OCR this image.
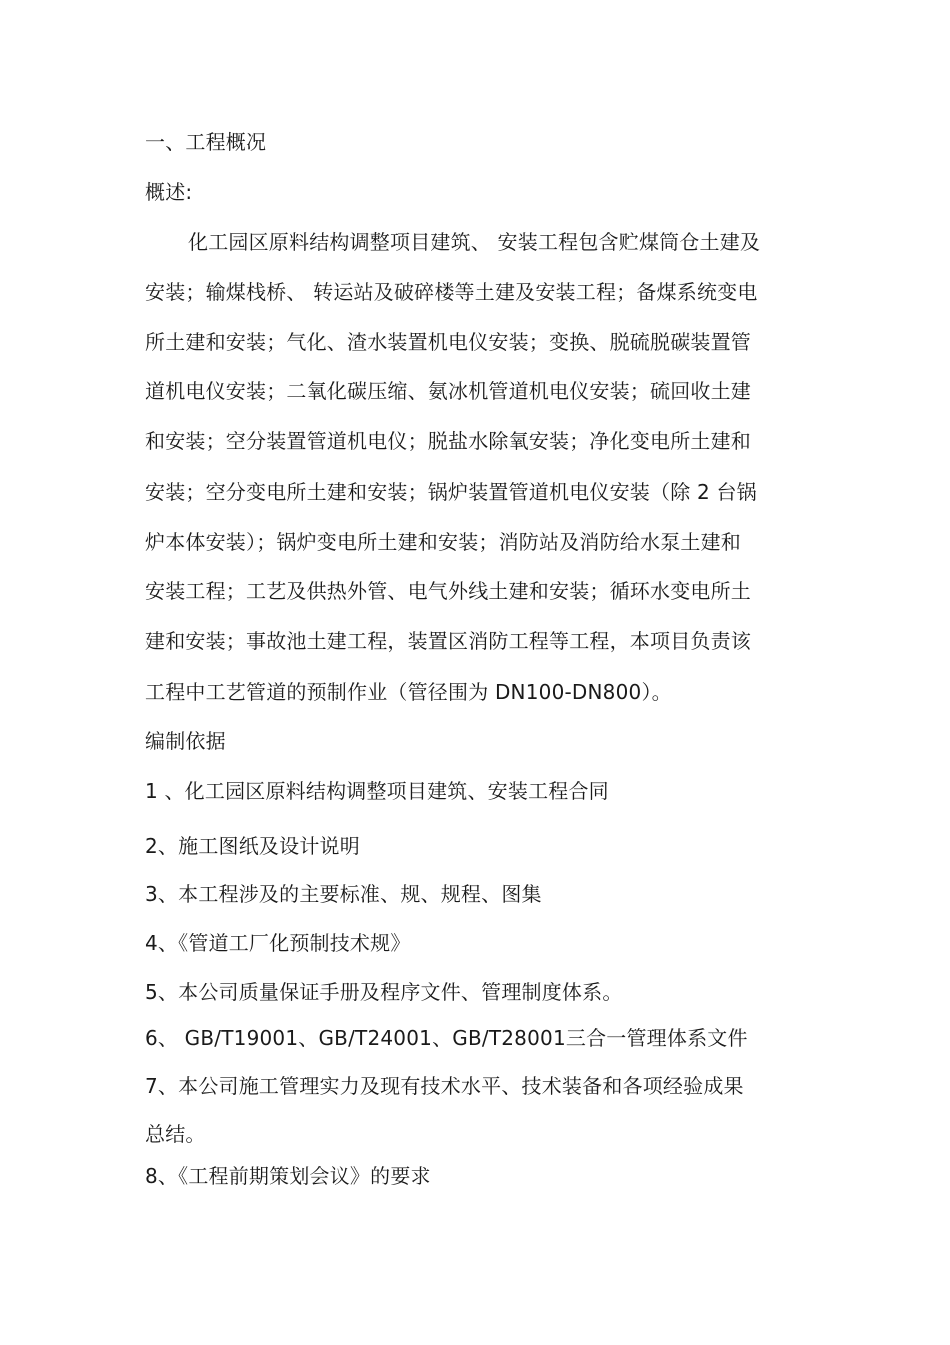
一、工程概况
概述:
化工园区原料结构调整项目建筑、 安装工程包含贮煤筒仓土建及
安装；输煤栈桥、 转运站及破碎楼等土建及安装工程；备煤系统变电
所土建和安装；气化、渣水装置机电仪安装；变换、脱硫脱碳装置管
道机电仪安装；二氧化碳压缩、氨冰机管道机电仪安装；硫回收土建
和安装；空分装置管道机电仪；脱盐水除氧安装；净化变电所土建和
安装；空分变电所土建和安装；锅炉装置管道机电仪安装（除 2 台锅
炉本体安装）；锅炉变电所土建和安装；消防站及消防给水泵土建和
安装工程；工艺及供热外管、电气外线土建和安装；循环水变电所土
建和安装；事故池土建工程，装置区消防工程等工程，本项目负责该
工程中工艺管道的预制作业（管径围为 DN100-DN800）。
编制依据
1 、化工园区原料结构调整项目建筑、安装工程合同
2、施工图纸及设计说明
3、本工程涉及的主要标准、规、规程、图集
4、《管道工厂化预制技术规》
5、本公司质量保证手册及程序文件、管理制度体系。
6、 GB/T19001、GB/T24001、GB/T28001三合一管理体系文件
7、本公司施工管理实力及现有技术水平、技术装备和各项经验成果
总结。
8、《工程前期策划会议》的要求
